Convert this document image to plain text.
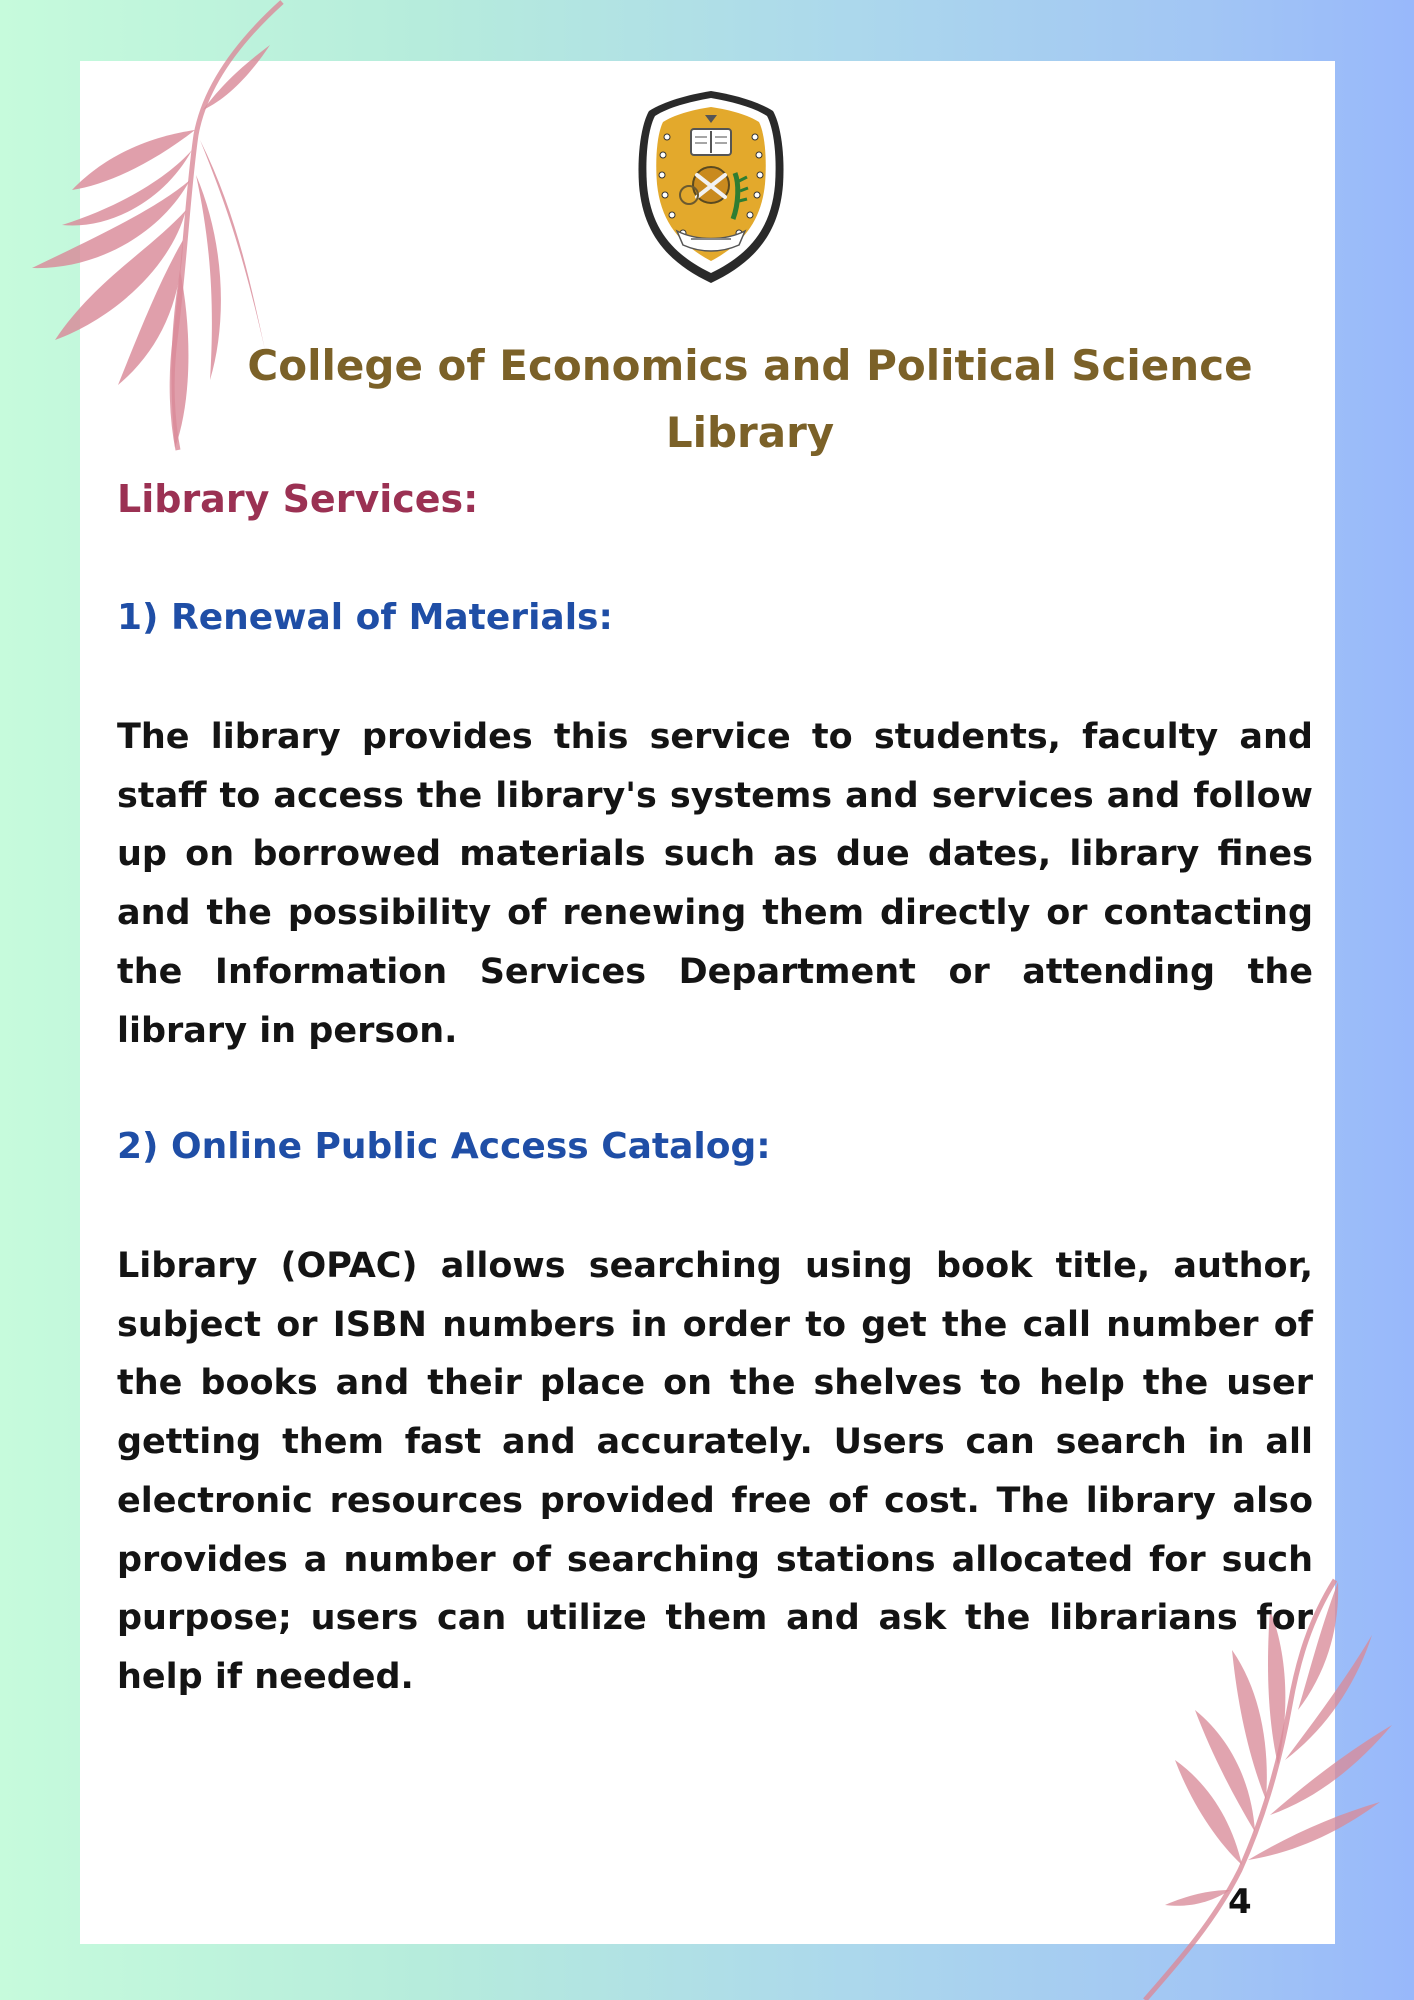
College of Economics and Political Science
Library
Library Services:
1) Renewal of Materials:

The library provides this service to students, faculty and staff to access the library's systems and services and follow up on borrowed materials such as due dates, library fines and the possibility of renewing them directly or contacting the Information Services Department or attending the library in person.

2) Online Public Access Catalog:

Library (OPAC) allows searching using book title, author, subject or ISBN numbers in order to get the call number of the books and their place on the shelves to help the user getting them fast and accurately. Users can search in all electronic resources provided free of cost. The library also provides a number of searching stations allocated for such purpose; users can utilize them and ask the librarians for help if needed.

4
